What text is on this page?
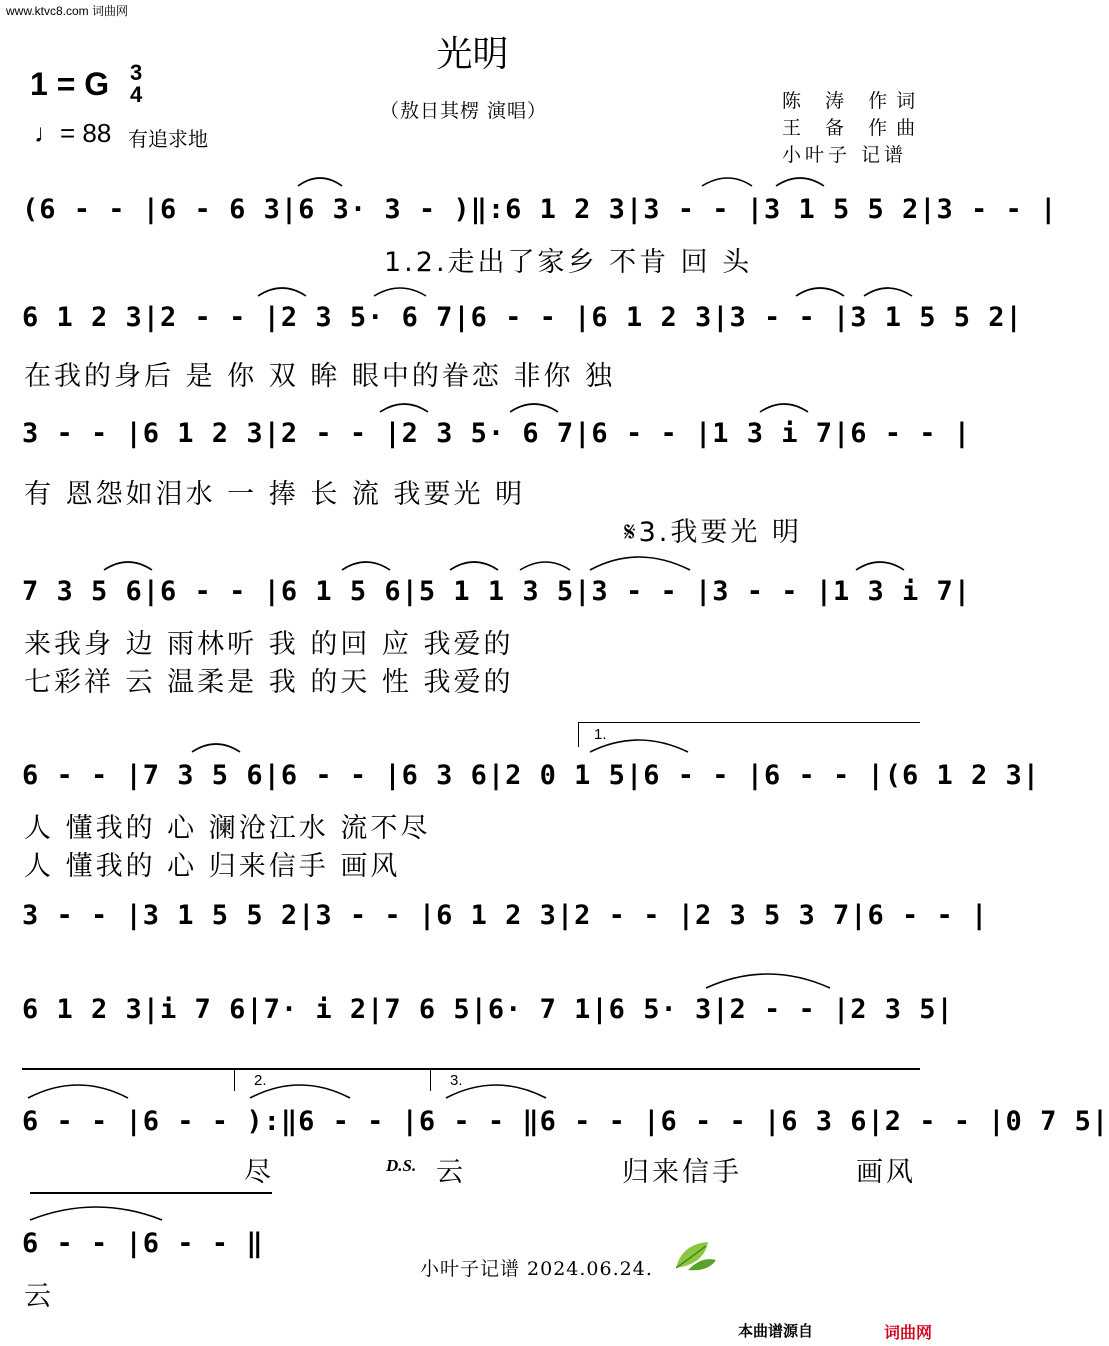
www.ktvc8.com 词曲网
光明
（敖日其楞 演唱）
1 = G 3
4
♩= 88 有追求地
陈 涛 作词
王 备 作曲
小叶子 记谱
(6 - - |6 - 6 3|6 3· 3 - )‖:6 1 2 3|3 - - |3 1 5 5 2|3 - - |
1.2.走出了家乡 不肯 回 头
6 1 2 3|2 - - |2 3 5· 6 7|6 - - |6 1 2 3|3 - - |3 1 5 5 2|
在我的身后 是 你 双 眸 眼中的眷恋 非你 独
3 - - |6 1 2 3|2 - - |2 3 5· 6 7|6 - - |1 3 i 7|6 - - |
有 恩怨如泪水 一 捧 长 流 我要光 明
𝄋3.我要光 明
7 3 5 6|6 - - |6 1 5 6|5 1 1 3 5|3 - - |3 - - |1 3 i 7|
来我身 边 雨林听 我 的回 应 我爱的
七彩祥 云 温柔是 我 的天 性 我爱的
1.
6 - - |7 3 5 6|6 - - |6 3 6|2 0 1 5|6 - - |6 - - |(6 1 2 3|
人 懂我的 心 澜沧江水 流不尽
人 懂我的 心 归来信手 画风
3 - - |3 1 5 5 2|3 - - |6 1 2 3|2 - - |2 3 5 3 7|6 - - |
6 1 2 3|i 7 6|7· i 2|7 6 5|6· 7 1|6 5· 3|2 - - |2 3 5|
2.	3.
6 - - |6 - - ):‖6 - - |6 - - ‖6 - - |6 - - |6 3 6|2 - - |0 7 5|
尽	D.S. 云	归来信手	画风
6 - - |6 - - ‖
云
小叶子记谱 2024.06.24.
本曲谱源自	词曲网
